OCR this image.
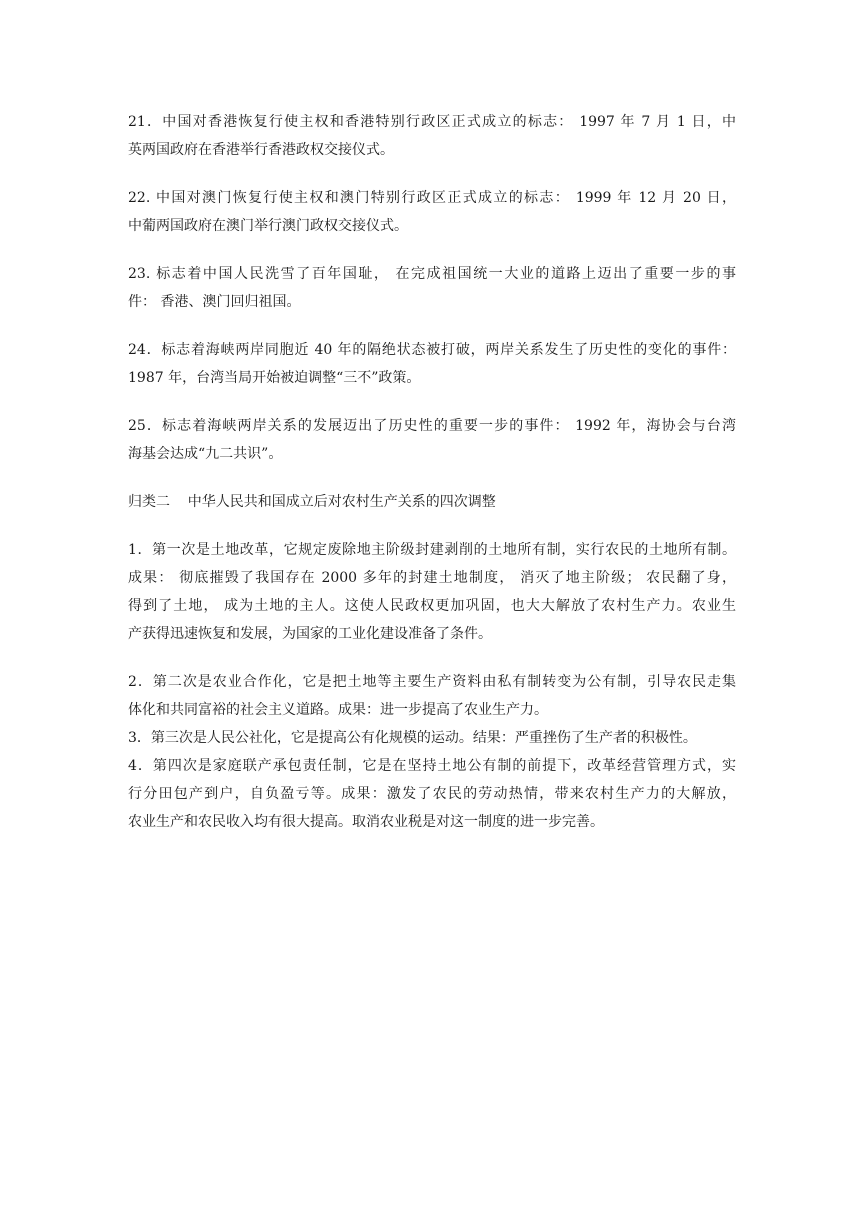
21．中国对香港恢复行使主权和香港特别行政区正式成立的标志： 1997 年 7 月 1 日，中
英两国政府在香港举行香港政权交接仪式。
22. 中国对澳门恢复行使主权和澳门特别行政区正式成立的标志： 1999 年 12 月 20 日，
中葡两国政府在澳门举行澳门政权交接仪式。
23. 标志着中国人民洗雪了百年国耻， 在完成祖国统一大业的道路上迈出了重要一步的事
件： 香港、澳门回归祖国。
24．标志着海峡两岸同胞近 40 年的隔绝状态被打破，两岸关系发生了历史性的变化的事件：
1987 年，台湾当局开始被迫调整“三不”政策。
25．标志着海峡两岸关系的发展迈出了历史性的重要一步的事件： 1992 年，海协会与台湾
海基会达成“九二共识”。
归类二    中华人民共和国成立后对农村生产关系的四次调整
1．第一次是土地改革，它规定废除地主阶级封建剥削的土地所有制，实行农民的土地所有制。
成果： 彻底摧毁了我国存在 2000 多年的封建土地制度， 消灭了地主阶级； 农民翻了身，
得到了土地， 成为土地的主人。这使人民政权更加巩固，也大大解放了农村生产力。农业生
产获得迅速恢复和发展，为国家的工业化建设准备了条件。
2．第二次是农业合作化，它是把土地等主要生产资料由私有制转变为公有制，引导农民走集
体化和共同富裕的社会主义道路。成果：进一步提高了农业生产力。
3．第三次是人民公社化，它是提高公有化规模的运动。结果：严重挫伤了生产者的积极性。
4．第四次是家庭联产承包责任制，它是在坚持土地公有制的前提下，改革经营管理方式，实
行分田包产到户，自负盈亏等。成果：激发了农民的劳动热情，带来农村生产力的大解放，
农业生产和农民收入均有很大提高。取消农业税是对这一制度的进一步完善。
